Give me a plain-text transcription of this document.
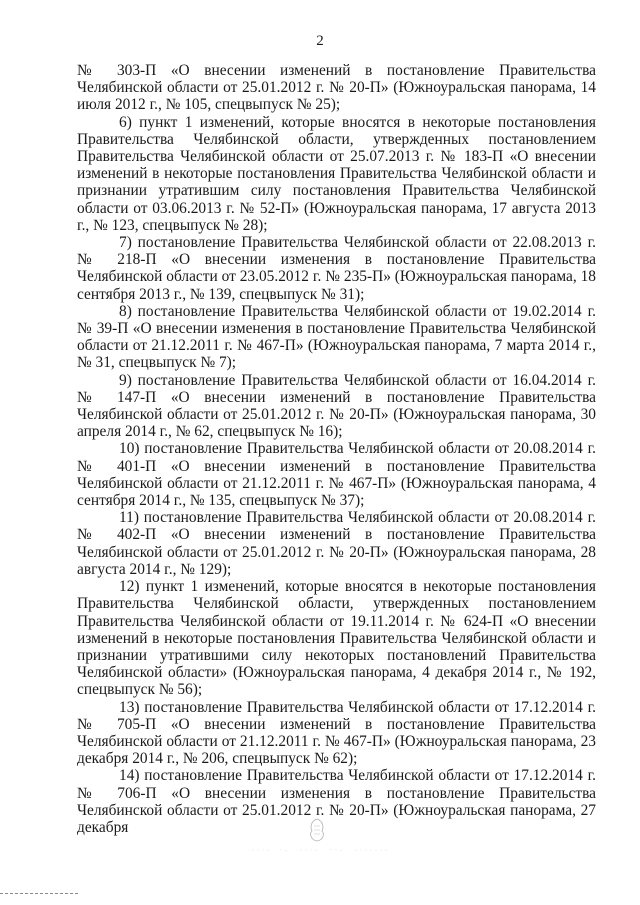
2

№ 303-П «О внесении изменений в постановление Правительства Челябинской области от 25.01.2012 г. № 20-П» (Южноуральская панорама, 14 июля 2012 г., № 105, спецвыпуск № 25);

6) пункт 1 изменений, которые вносятся в некоторые постановления Правительства Челябинской области, утвержденных постановлением Правительства Челябинской области от 25.07.2013 г. № 183-П «О внесении изменений в некоторые постановления Правительства Челябинской области и признании утратившим силу постановления Правительства Челябинской области от 03.06.2013 г. № 52-П» (Южноуральская панорама, 17 августа 2013 г., № 123, спецвыпуск № 28);

7) постановление Правительства Челябинской области от 22.08.2013 г. № 218-П «О внесении изменения в постановление Правительства Челябинской области от 23.05.2012 г. № 235-П» (Южноуральская панорама, 18 сентября 2013 г., № 139, спецвыпуск № 31);

8) постановление Правительства Челябинской области от 19.02.2014 г. № 39-П «О внесении изменения в постановление Правительства Челябинской области от 21.12.2011 г. № 467-П» (Южноуральская панорама, 7 марта 2014 г., № 31, спецвыпуск № 7);

9) постановление Правительства Челябинской области от 16.04.2014 г. № 147-П «О внесении изменений в постановление Правительства Челябинской области от 25.01.2012 г. № 20-П» (Южноуральская панорама, 30 апреля 2014 г., № 62, спецвыпуск № 16);

10) постановление Правительства Челябинской области от 20.08.2014 г. № 401-П «О внесении изменений в постановление Правительства Челябинской области от 21.12.2011 г. № 467-П» (Южноуральская панорама, 4 сентября 2014 г., № 135, спецвыпуск № 37);

11) постановление Правительства Челябинской области от 20.08.2014 г. № 402-П «О внесении изменений в постановление Правительства Челябинской области от 25.01.2012 г. № 20-П» (Южноуральская панорама, 28 августа 2014 г., № 129);

12) пункт 1 изменений, которые вносятся в некоторые постановления Правительства Челябинской области, утвержденных постановлением Правительства Челябинской области от 19.11.2014 г. № 624-П «О внесении изменений в некоторые постановления Правительства Челябинской области и признании утратившими силу некоторых постановлений Правительства Челябинской области» (Южноуральская панорама, 4 декабря 2014 г., № 192, спецвыпуск № 56);

13) постановление Правительства Челябинской области от 17.12.2014 г. № 705-П «О внесении изменений в постановление Правительства Челябинской области от 21.12.2011 г. № 467-П» (Южноуральская панорама, 23 декабря 2014 г., № 206, спецвыпуск № 62);

14) постановление Правительства Челябинской области от 17.12.2014 г. № 706-П «О внесении изменения в постановление Правительства Челябинской области от 25.01.2012 г. № 20-П» (Южноуральская панорама, 27 декабря
